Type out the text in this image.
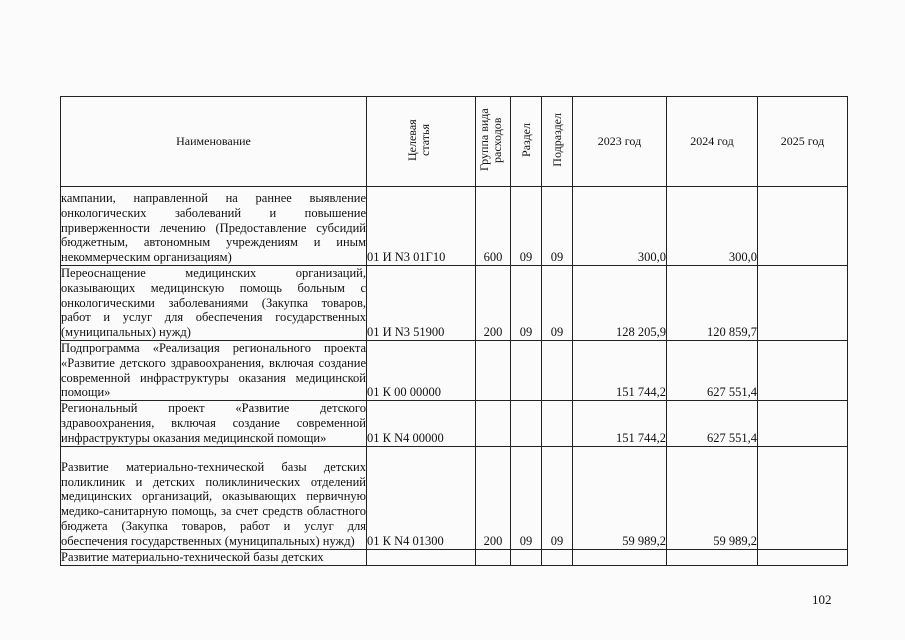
Наименование	Целевая статья	Группа вида расходов	Раздел	Подраздел	2023 год	2024 год	2025 год
кампании, направленной на раннее выявление онкологических заболеваний и повышение приверженности лечению (Предоставление субсидий бюджетным, автономным учреждениям и иным некоммерческим организациям)	01 И N3 01Г10	600	09	09	300,0	300,0	
Переоснащение медицинских организаций, оказывающих медицинскую помощь больным с онкологическими заболеваниями (Закупка товаров, работ и услуг для обеспечения государственных (муниципальных) нужд)	01 И N3 51900	200	09	09	128 205,9	120 859,7	
Подпрограмма «Реализация регионального проекта «Развитие детского здравоохранения, включая создание современной инфраструктуры оказания медицинской помощи»	01 К 00 00000				151 744,2	627 551,4	
Региональный проект «Развитие детского здравоохранения, включая создание современной инфраструктуры оказания медицинской помощи»	01 К N4 00000				151 744,2	627 551,4	
Развитие материально-технической базы детских поликлиник и детских поликлинических отделений медицинских организаций, оказывающих первичную медико-санитарную помощь, за счет средств областного бюджета (Закупка товаров, работ и услуг для обеспечения государственных (муниципальных) нужд)	01 К N4 01300	200	09	09	59 989,2	59 989,2	
Развитие материально-технической базы детских							
102
